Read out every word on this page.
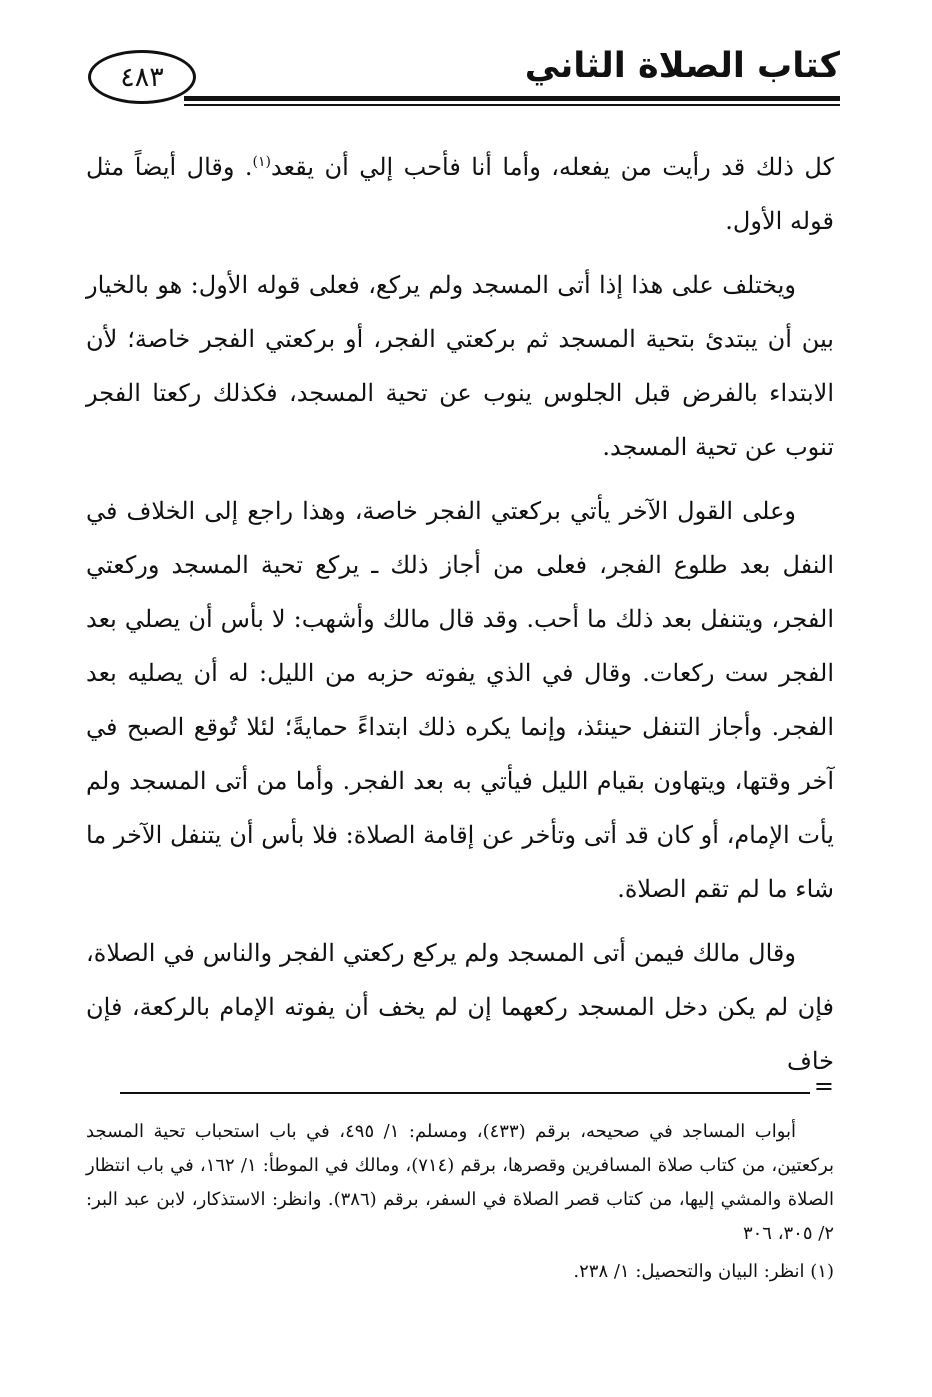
٤٨٣	كتاب الصلاة الثاني

كل ذلك قد رأيت من يفعله، وأما أنا فأحب إلي أن يقعد$^{(١)}$. وقال أيضاً مثل قوله الأول.

ويختلف على هذا إذا أتى المسجد ولم يركع، فعلى قوله الأول: هو بالخيار بين أن يبتدئ بتحية المسجد ثم بركعتي الفجر، أو بركعتي الفجر خاصة؛ لأن الابتداء بالفرض قبل الجلوس ينوب عن تحية المسجد، فكذلك ركعتا الفجر تنوب عن تحية المسجد.

وعلى القول الآخر يأتي بركعتي الفجر خاصة، وهذا راجع إلى الخلاف في النفل بعد طلوع الفجر، فعلى من أجاز ذلك ـ يركع تحية المسجد وركعتي الفجر، ويتنفل بعد ذلك ما أحب. وقد قال مالك وأشهب: لا بأس أن يصلي بعد الفجر ست ركعات. وقال في الذي يفوته حزبه من الليل: له أن يصليه بعد الفجر. وأجاز التنفل حينئذ، وإنما يكره ذلك ابتداءً حمايةً؛ لئلا تُوقع الصبح في آخر وقتها، ويتهاون بقيام الليل فيأتي به بعد الفجر. وأما من أتى المسجد ولم يأت الإمام، أو كان قد أتى وتأخر عن إقامة الصلاة: فلا بأس أن يتنفل الآخر ما شاء ما لم تقم الصلاة.

وقال مالك فيمن أتى المسجد ولم يركع ركعتي الفجر والناس في الصلاة، فإن لم يكن دخل المسجد ركعهما إن لم يخف أن يفوته الإمام بالركعة، فإن خاف

=

أبواب المساجد في صحيحه، برقم (٤٣٣)، ومسلم: ١/ ٤٩٥، في باب استحباب تحية المسجد بركعتين، من كتاب صلاة المسافرين وقصرها، برقم (٧١٤)، ومالك في الموطأ: ١/ ١٦٢، في باب انتظار الصلاة والمشي إليها، من كتاب قصر الصلاة في السفر، برقم (٣٨٦). وانظر: الاستذكار، لابن عبد البر: ٢/ ٣٠٥، ٣٠٦

(١) انظر: البيان والتحصيل: ١/ ٢٣٨.
